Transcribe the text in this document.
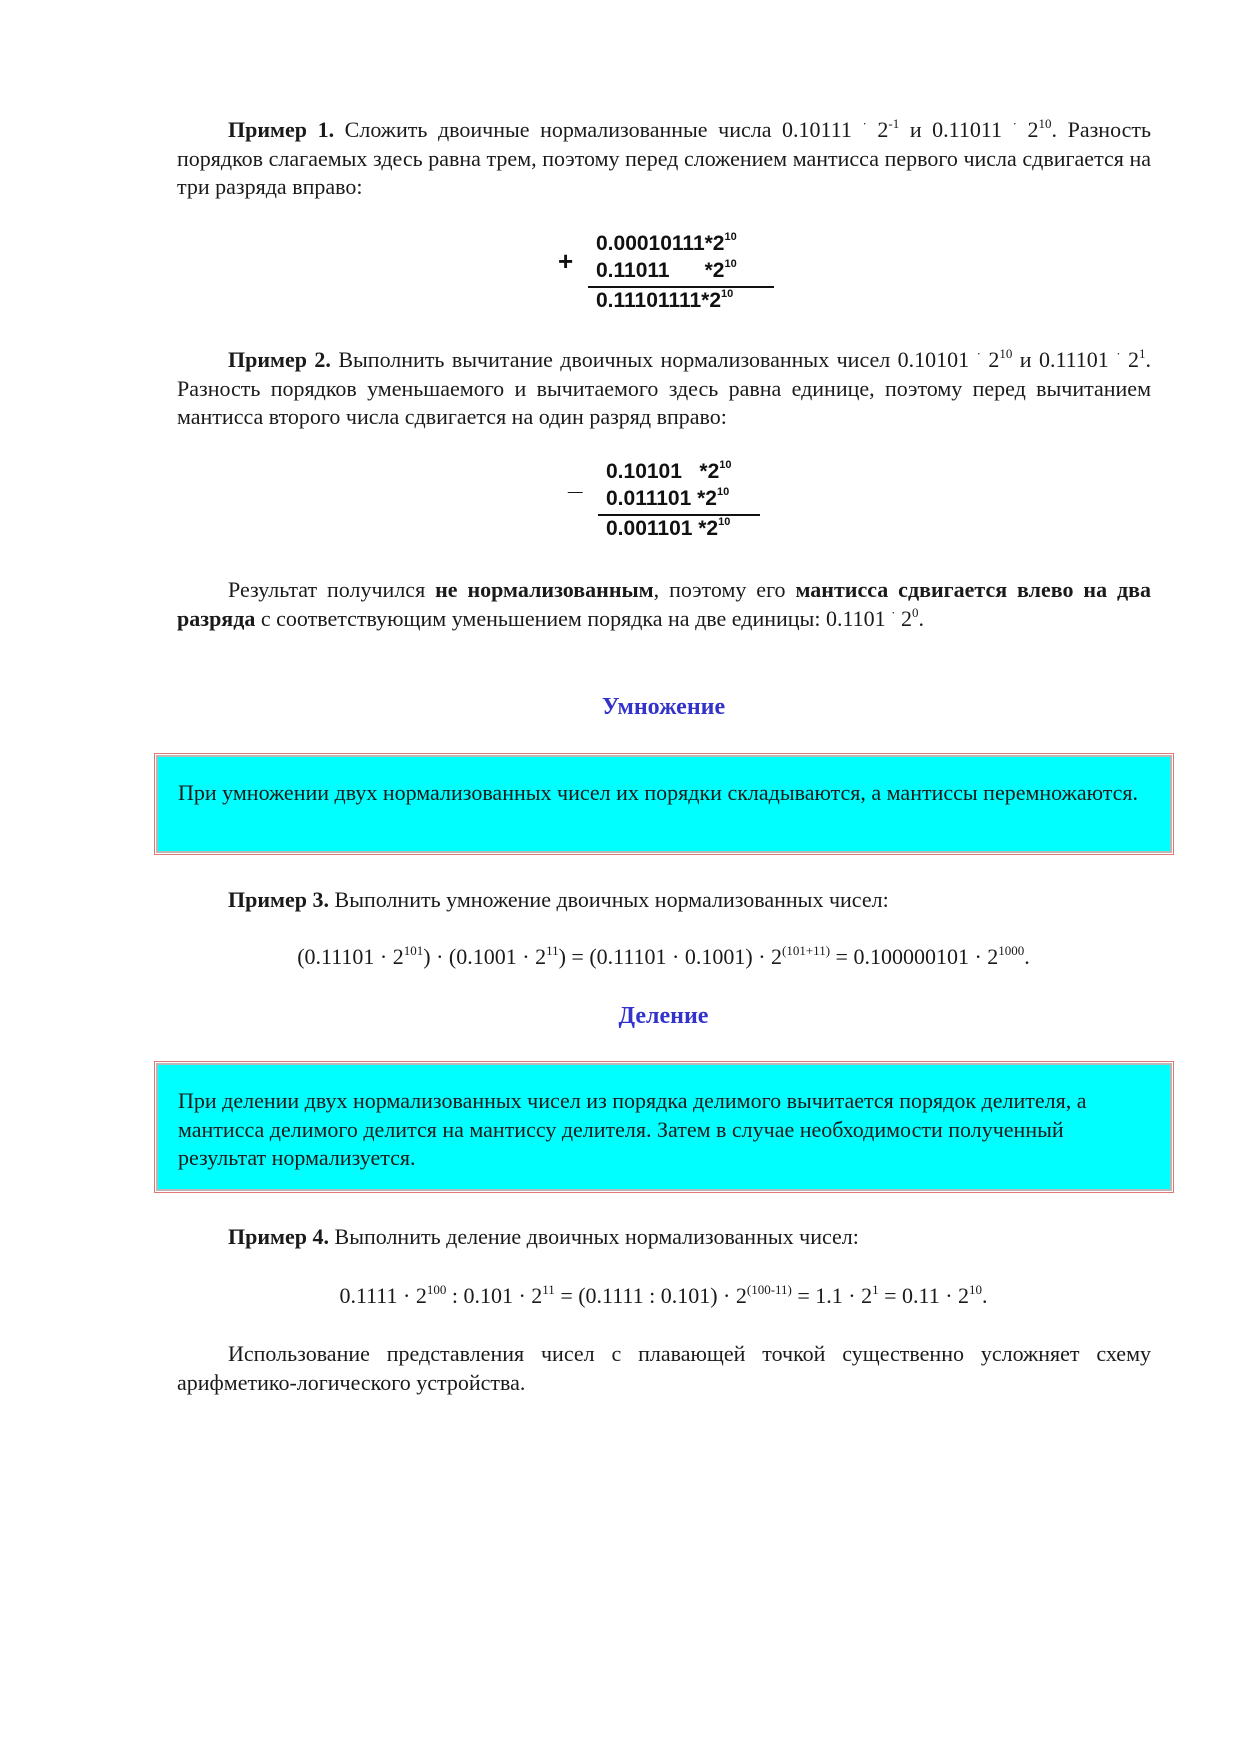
Пример 1. Сложить двоичные нормализованные числа 0.10111 · $2^{-1}$ и 0.11011 · $2^{10}$. Разность порядков слагаемых здесь равна трем, поэтому перед сложением мантисса первого числа сдвигается на три разряда вправо:

+
$0.00010111*2^{10}$
0.11011      $*2^{10}$
$0.11101111*2^{10}$

Пример 2. Выполнить вычитание двоичных нормализованных чисел 0.10101 · $2^{10}$ и 0.11101 · $2^1$. Разность порядков уменьшаемого и вычитаемого здесь равна единице, поэтому перед вычитанием мантисса второго числа сдвигается на один разряд вправо:

_ 0.10101   $*2^{10}$
0.011101 $*2^{10}$
0.001101 $*2^{10}$

Результат получился не нормализованным, поэтому его мантисса сдвигается влево на два разряда с соответствующим уменьшением порядка на две единицы: 0.1101 · $2^0$.

Умножение
При умножении двух нормализованных чисел их порядки складываются, а мантиссы перемножаются.

Пример 3. Выполнить умножение двоичных нормализованных чисел:

$(0.11101 \cdot 2^{101}) \cdot (0.1001 \cdot 2^{11}) = (0.11101 \cdot 0.1001) \cdot 2^{(101+11)} = 0.100000101 \cdot 2^{1000}$.

Деление
При делении двух нормализованных чисел из порядка делимого вычитается порядок делителя, а мантисса делимого делится на мантиссу делителя. Затем в случае необходимости полученный результат нормализуется.

Пример 4. Выполнить деление двоичных нормализованных чисел:

$0.1111 \cdot 2^{100}$ : $0.101 \cdot 2^{11} = (0.1111$ : $0.101) \cdot 2^{(100-11)} = 1.1 \cdot 2^1 = 0.11 \cdot 2^{10}$.

Использование представления чисел с плавающей точкой существенно усложняет схему арифметико-логического устройства.
